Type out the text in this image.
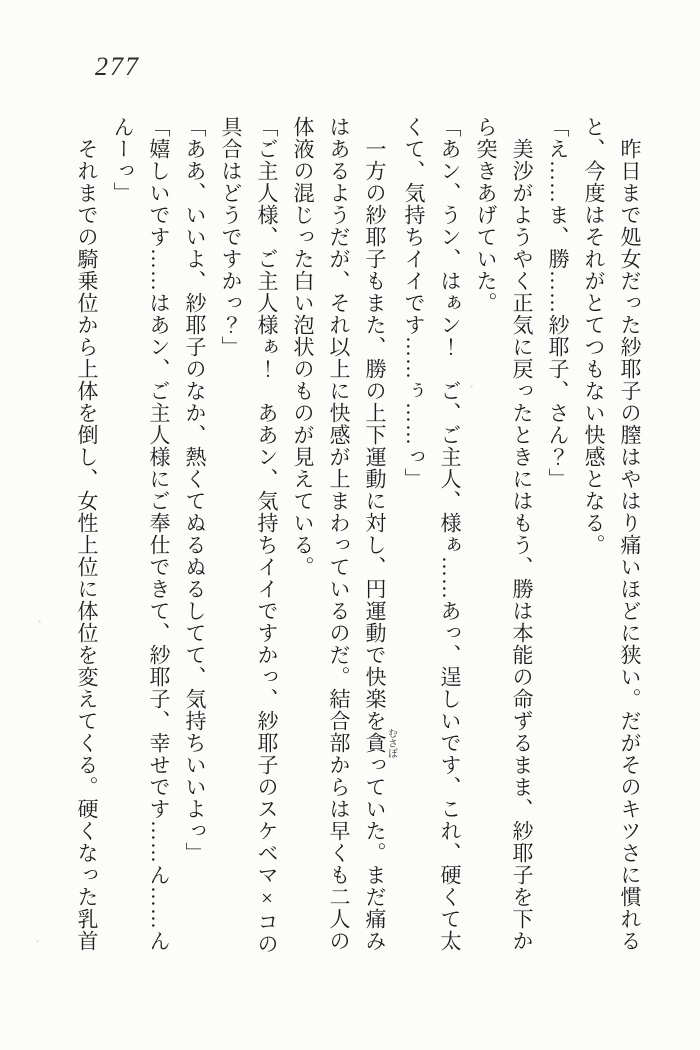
277
　昨日まで処女だった紗耶子の膣はやはり痛いほどに狭い。だがそのキツさに慣れる
と、今度はそれがとてつもない快感となる。
「え……ま、勝……紗耶子、さん？」
　美沙がようやく正気に戻ったときにはもう、勝は本能の命ずるまま、紗耶子を下か
ら突きあげていた。
「あン、うン、はぁン！　ご、ご主人、様ぁ……あっ、逞しいです、これ、硬くて太
くて、気持ちイイです……ぅ……っ」
　一方の紗耶子もまた、勝の上下運動に対し、円運動で快楽を貪むさぼっていた。まだ痛み
はあるようだが、それ以上に快感が上まわっているのだ。結合部からは早くも二人の
体液の混じった白い泡状のものが見えている。
「ご主人様、ご主人様ぁ！　ああン、気持ちイイですかっ、紗耶子のスケベマ×コの
具合はどうですかっ？」
「ああ、いいよ、紗耶子のなか、熱くてぬるぬるしてて、気持ちいいよっ」
「嬉しいです……はあン、ご主人様にご奉仕できて、紗耶子、幸せです……ん……ん
んーっ」
　それまでの騎乗位から上体を倒し、女性上位に体位を変えてくる。硬くなった乳首
